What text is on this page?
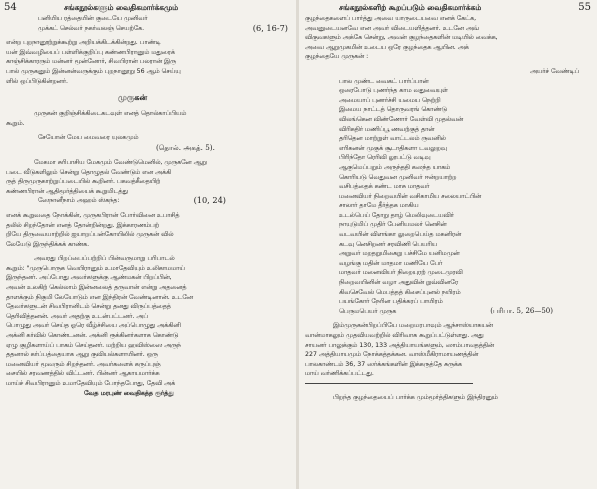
54	சங்கநூல்களும் வைதிகமார்க்கமும்

பனியிய ரத்தையின் குடையே முனிவர்

முக்கட் செல்வர் நகர்வலஞ் செயற்கே.	(6, 16-7)

என்ற புறநானூற்றுக்கூற்று அறியக்கிடக்கின்றது. பாண்டி

யன் இவ்வழியைப் பள்ளிக்குறிப்பு கண்ணபிரானும் மதுரைக்

காஞ்சிக்காரரும் மன்னர் மூன்னோர், சிவபிரான் பலரான் இரு

பால் முருகனும் இன்னன்வருக்கும் புறநானூறு 56 ஆம் செய்யு

ளில் ஒப்பிடுகின்றனர்.

முருகன்

முருகன் குறிஞ்சிக்கிடைகடவுள் எனத் தொல்காப்பியம்

கூறும்.

சேயோன் மேய மைவரை யுலகமும்

(தொல். அகத். 5).

மேகமா சுரிபாசிய மேகமும் வேண்டுமெனில், முருகனே ஆறு

படை வீடுகளிலும் சென்று தொழுதல் வேண்டும் என அக்கி

ருத் திருமுருகாற்றுப்படையில் கூறினர். பகவத்கீதையிற்

கண்ணபிரான் ஆதிமூர்த்தியைக் கூறுமிடத்து

ஸேநானீநாம் அஹம் ஸ்கந்த:	(10, 24)

எனக் கூறுவதை நோக்கின், முருகபிரான் போர்வினை உபாசித்

தலில் சிறந்தோன் எனத் தோன்றின்றது. இக்காரணம்பற்

றியே திருவையாற்றில் ஐயாறப்பன்கோயிலில் முருகன் வில்

லேயேடு இருந்திக்கக் காண்க.

அவரது பிறப்பைப்பற்றிப் பின்வருமாறு பரிபாடல்

கூறும்: "முருபொருக வெயிரானும் உமாதேவியும் உலிகாமமாய்

இருந்தனர். அப்போது அவர்களுக்கு ஆண்மகன் பிறப்பின்,

அவன் உலகிற் கெல்லாம் இன்னலைத் தருவான் என்று அதனைத்

தாளக்கும் நிகுமி லேயோடும் என இந்திரன் வேண்டினான். உடனே

தேவர்களுடன் சிவபிரானிடம் சென்று தனது விருப்பத்தைத்

தெரிவித்தனன். அவர் அதற்கு உடன்பட்டனர். அப்

பொழுது அவர் செய்த ஓரெ வீழ்ச்சியை அப்பொழுது அக்கினி

அக்னி கர்வில் கொண்டனன். அக்னி ரூக்கினர்களாக கொண்டு

ஏழு குழிகளாய்ப் பாகம் செய்தனர். மற்றிய ஹவிஸ்ஸை அருந்

ததனால் கர்ப்பத்தையாக ஆறு குவியல்களாயினர். ஒரு

மனைவியர் மூவரும் சிறந்தனர். அவர்களைக் கருப்புஞ்

சையில் சரவணத்தில் விட்டனர். பின்னர் ஆகாயமார்க்க

மாய்ச் சிவபிரானும் உமாதேவியும் போந்தபோது, தேவி அக்

வேத மரபுண் வைதிகத்த ரூர்த்து

சங்கநூல்களிற் கூறப்படும் வைதிகமார்க்கம்	55

குழந்தைகளைப் பார்த்து அவை யாருடையவை எனக் கேட்க,

அவனுடையனவே என அவர் விடையளித்தனர். உடனே அவ்

விகுவகளும் அக்கே சென்று, அவன் குழந்தைகளின் மடியில் வைக்க,

அவை ஆறுமுகமின் உடைய ஒரே குழந்தைக ஆயின. அக்

குழந்தையே முருகன் :

அயர்ச் வேண்டிப்

பால முண்ட வைகட் பார்ப்பான்

ஒரைபோடு புணர்ந்த காம வதுவையுள்

அமையாப் புணர்ச்சி யமைய நெற்றி

இமைய நாட்டத் தொருவரங் கொண்டு

விலங்கென விண்ணோர் வேள்வி முதல்வன்

விரிகதிர் மணிப்பூ ணவற்குத் தான்

தரிதென மாற்றுள் வாட்டலம் ருவனில்

எரிகனன் முகுக் சூடாதிகளா டவலுறவு

பிரிந்தோ ரெரிவி லூபட்டு வடிவு

ஆகுமெப்பறும் அருந்ததி கஸந்த யாகம்

கொரியடு வெதுவன முனிவர் ஈன்றயாற்ற

வசிபத்தைக் கண்ட மாசு மாதவர்

மனைவியர் நிறைவயின் வசிகாமிய சலையாட்பின்

சாலார் தாமே தீர்த்தக மாகிய

உடல்பெய் தோறு தாழ் மெலிவுடையவிர்

நாயுடுமிப் முதிர் பேனியமலர் னெசின்

வடவயின் விளங்கா லுறைபெய்த மகனிரன்

கடவு னெசிறனர் சரவிணி பெயரிய

அறுவர் மறதறுமிகைறு பச்சிமே யனிமமுன்

வழங்கு மதின் மாதமா மணியே பேர்

மாதவர் மனைவியர் நிறையுரற் முடைமுரவி

நிறைவயினின் வழா அதுவின் றுவ்வினரே

கிவசெவேல் மெபத்தத் கிசைப்புனல் நயிரம்

பயங்கோர் நேரின பதிக்கரப் பாயிரம்

பெருமபெயர் முருக	(பரிபா. 5, 26—50)

இம்முருகன்பிறப்பியே மறைமரபாவும் ஆந்சாஸ்யாகயன்

வான்மாகலும் முதவியவற்றில் விரிவாக கூறுப்பட்டுள்ளது. அது

சாயனர் பாலுக்கும் 130, 133 அத்தியாயங்களும், ஸாம்பாவதத்தின்

227 அத்தியாயமும் நோக்கத்தக்கன. வாஸ்மீகிராமாயணத்தின்

பாலகாண்டம் 36, 37 ஸர்க்கங்களின் இக்கருத்தே சுருக்க

மாய் வர்ணிக்கப்பட்டது.

பிறந்த குழந்தையைப் பார்க்க மும்மூர்த்திகளும் இந்திரனும்
